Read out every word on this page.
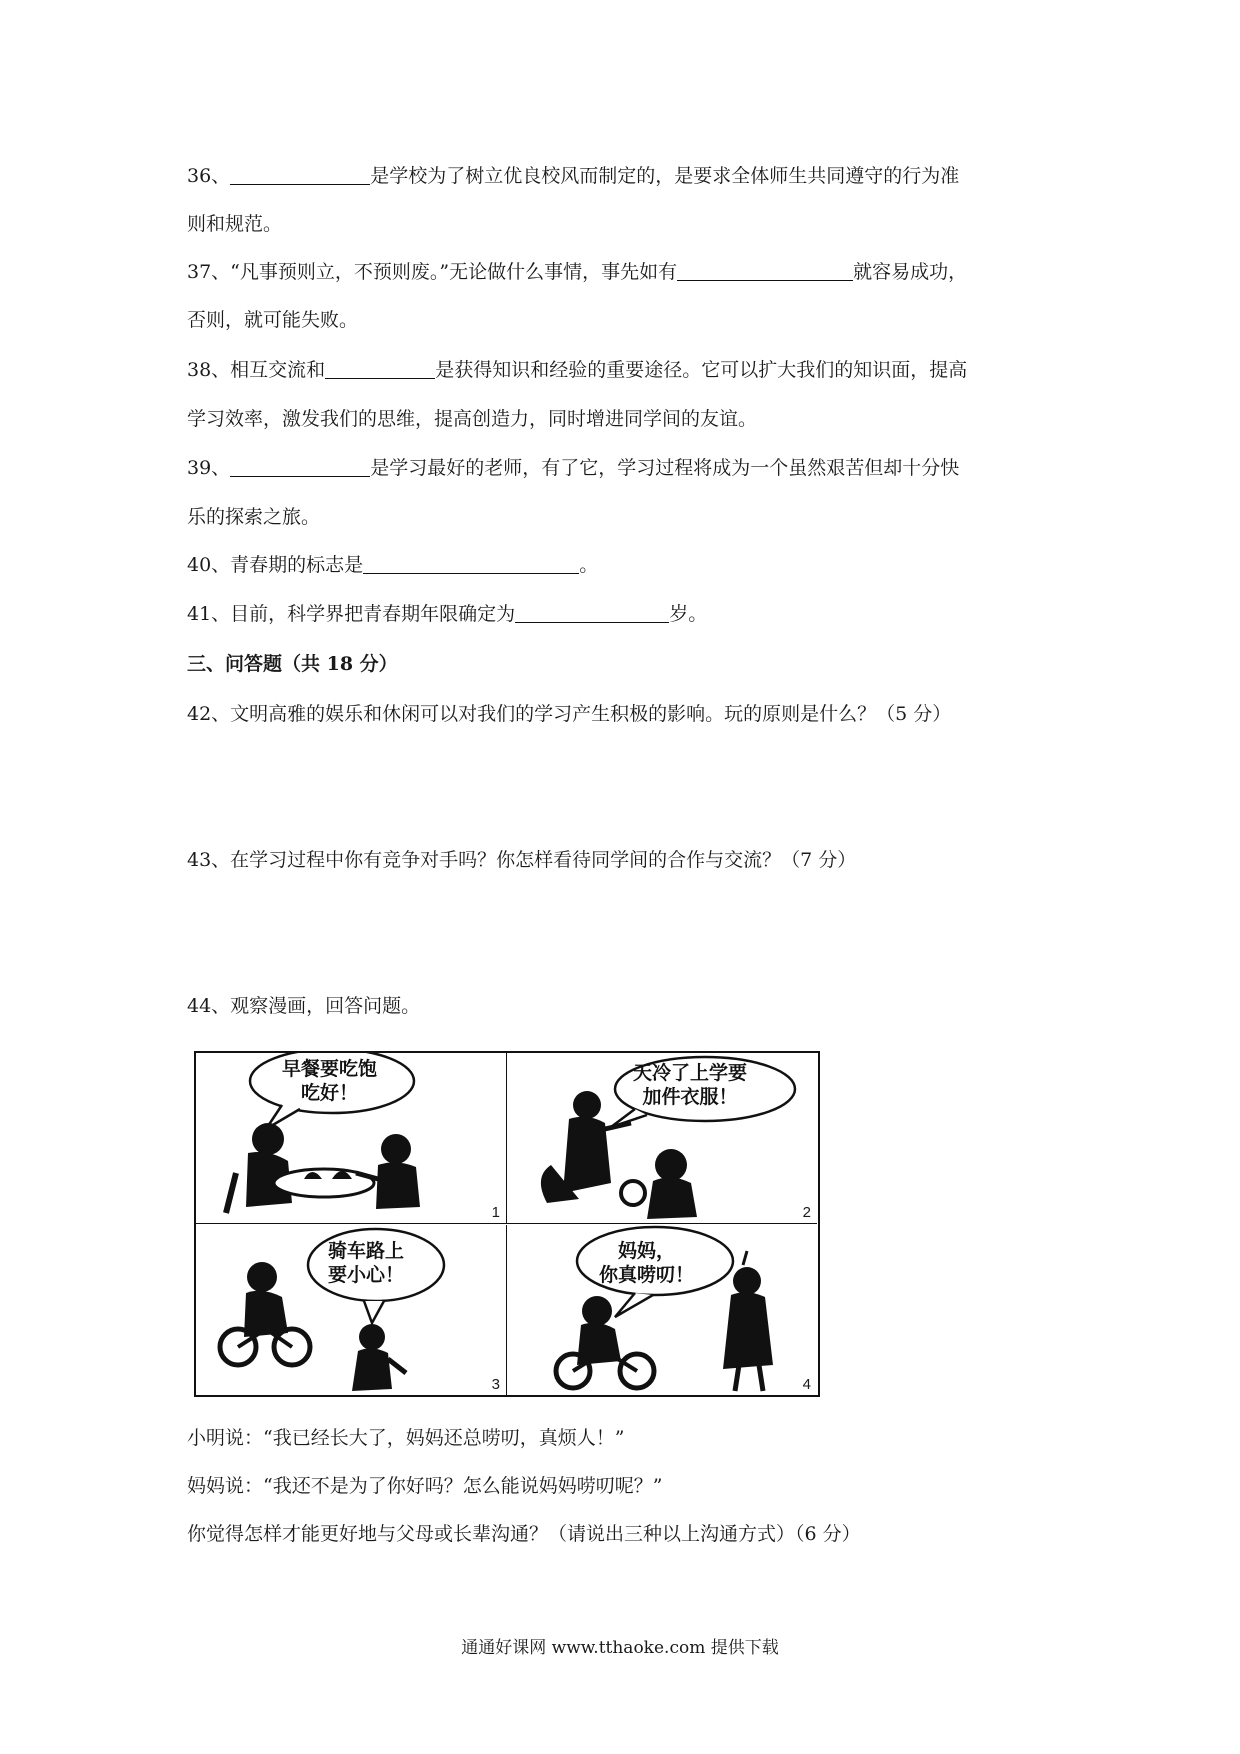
36、	是学校为了树立优良校风而制定的，是要求全体师生共同遵守的行为准
则和规范。
37、“凡事预则立，不预则废。”无论做什么事情，事先如有	就容易成功，
否则，就可能失败。
38、相互交流和	是获得知识和经验的重要途径。它可以扩大我们的知识面，提高
学习效率，激发我们的思维，提高创造力，同时增进同学间的友谊。
39、	是学习最好的老师，有了它，学习过程将成为一个虽然艰苦但却十分快
乐的探索之旅。
40、青春期的标志是	。
41、目前，科学界把青春期年限确定为	岁。
三、问答题（共 18 分）
42、文明高雅的娱乐和休闲可以对我们的学习产生积极的影响。玩的原则是什么？（5 分）
43、在学习过程中你有竞争对手吗？你怎样看待同学间的合作与交流？（7 分）
44、观察漫画，回答问题。
早餐要吃饱
吃好！
1
天冷了上学要
加件衣服！
2
骑车路上
要小心！
3
妈妈，
你真唠叨！
4
小明说：“我已经长大了，妈妈还总唠叨，真烦人！”
妈妈说：“我还不是为了你好吗？怎么能说妈妈唠叨呢？”
你觉得怎样才能更好地与父母或长辈沟通？（请说出三种以上沟通方式）（6 分）
通通好课网 www.tthaoke.com 提供下载
